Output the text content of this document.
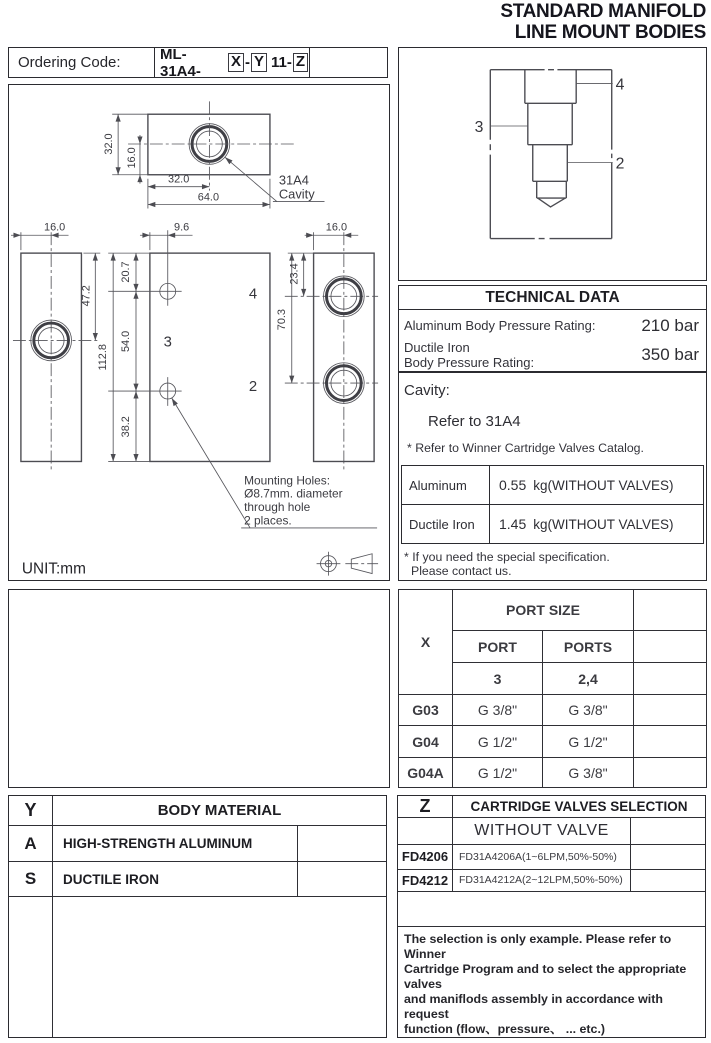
STANDARD MANIFOLD
LINE MOUNT BODIES
Ordering Code:	ML-31A4-
X - Y 11- Z
32.0
16.0
32.0
64.0
31A4
Cavity
16.0
47.2
9.6
20.7
54.0
38.2
112.8
4
3
2
16.0
23.4
70.3
Mounting Holes:
Ø8.7mm. diameter
through hole
2 places.
UNIT:mm
4
3
2
TECHNICAL DATA
Aluminum Body Pressure Rating:	210 bar
Ductile Iron
Body Pressure Rating:	350 bar
Cavity:
Refer to 31A4
* Refer to Winner Cartridge Valves Catalog.
Aluminum	0.55 kg(WITHOUT VALVES)
Ductile Iron	1.45 kg(WITHOUT VALVES)
* If you need the special specification.
Please contact us.
X	PORT SIZE		
	PORT	PORTS	
	3	2,4	
G03	G 3/8"	G 3/8"	
G04	G 1/2"	G 1/2"	
G04A	G 1/2"	G 3/8"	
Y	BODY MATERIAL
A	HIGH-STRENGTH ALUMINUM
S	DUCTILE IRON
Z	CARTRIDGE VALVES SELECTION
WITHOUT VALVE
FD4206	FD31A4206A(1~6LPM,50%-50%)
FD4212	FD31A4212A(2~12LPM,50%-50%)
The selection is only example. Please refer to Winner
Cartridge Program and to select the appropriate valves
and maniflods assembly in accordance with request
function (flow、pressure、 ... etc.)
